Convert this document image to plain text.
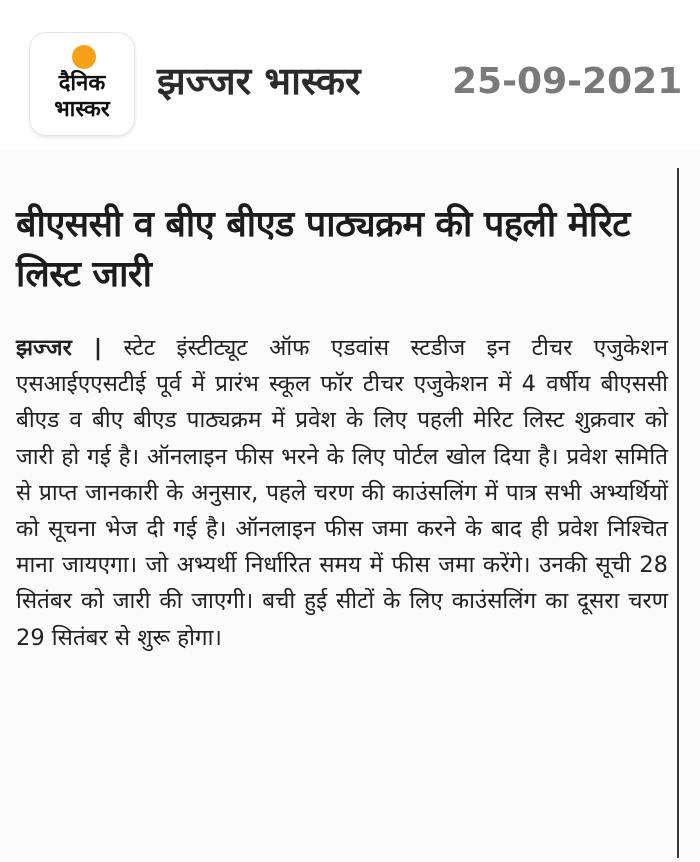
दैनिक
भास्कर
झज्जर भास्कर	25-09-2021
बीएससी व बीए बीएड पाठ्यक्रम की पहली मेरिट लिस्ट जारी

झज्जर | स्टेट इंस्टीट्यूट ऑफ एडवांस स्टडीज इन टीचर एजुकेशन एसआईएएसटीई पूर्व में प्रारंभ स्कूल फॉर टीचर एजुकेशन में 4 वर्षीय बीएससी बीएड व बीए बीएड पाठ्यक्रम में प्रवेश के लिए पहली मेरिट लिस्ट शुक्रवार को जारी हो गई है। ऑनलाइन फीस भरने के लिए पोर्टल खोल दिया है। प्रवेश समिति से प्राप्त जानकारी के अनुसार, पहले चरण की काउंसलिंग में पात्र सभी अभ्यर्थियों को सूचना भेज दी गई है। ऑनलाइन फीस जमा करने के बाद ही प्रवेश निश्चित माना जायएगा। जो अभ्यर्थी निर्धारित समय में फीस जमा करेंगे। उनकी सूची 28 सितंबर को जारी की जाएगी। बची हुई सीटों के लिए काउंसलिंग का दूसरा चरण 29 सितंबर से शुरू होगा।
